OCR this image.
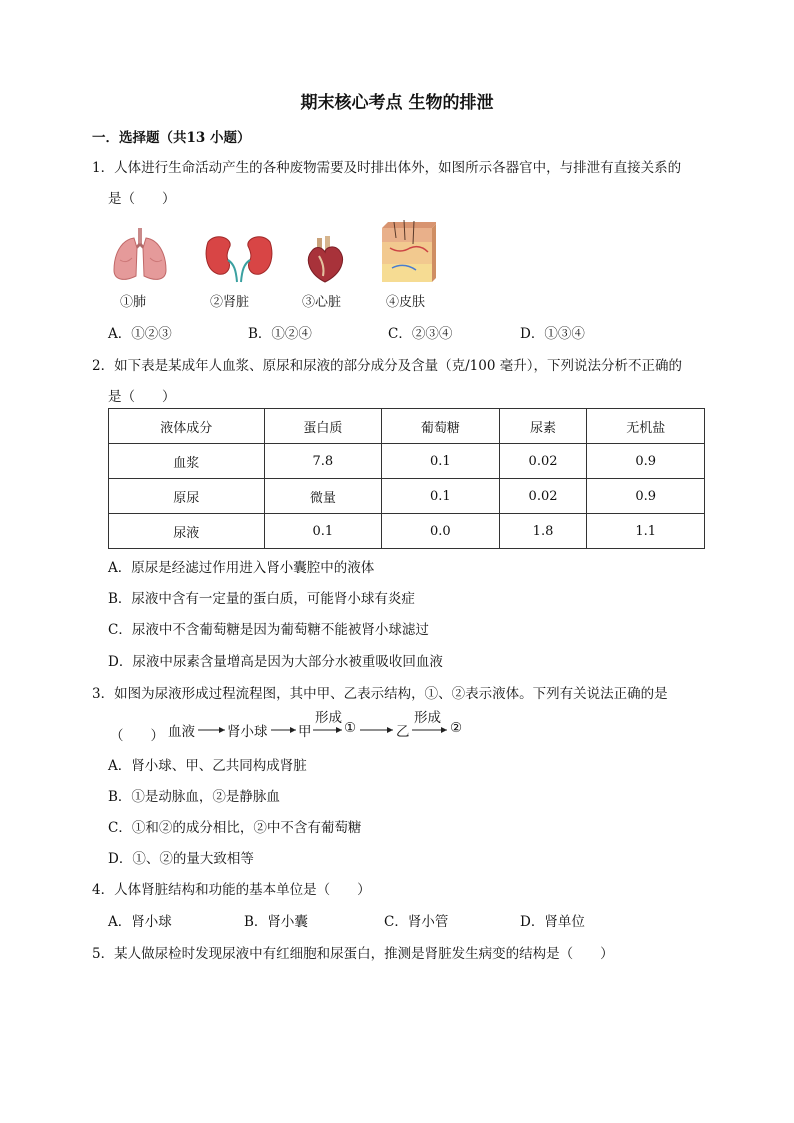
期末核心考点 生物的排泄
一．选择题（共13 小题）
1．人体进行生命活动产生的各种废物需要及时排出体外，如图所示各器官中，与排泄有直接关系的
是（　　）
①肺	②肾脏	③心脏	④皮肤
A．①②③	B．①②④	C．②③④	D．①③④
2．如下表是某成年人血浆、原尿和尿液的部分成分及含量（克/100 毫升），下列说法分析不正确的
是（　　）
液体成分	蛋白质	葡萄糖	尿素	无机盐
血浆	7.8	0.1	0.02	0.9
原尿	微量	0.1	0.02	0.9
尿液	0.1	0.0	1.8	1.1
A．原尿是经滤过作用进入肾小囊腔中的液体
B．尿液中含有一定量的蛋白质，可能肾小球有炎症
C．尿液中不含葡萄糖是因为葡萄糖不能被肾小球滤过
D．尿液中尿素含量增高是因为大部分水被重吸收回血液
3．如图为尿液形成过程流程图，其中甲、乙表示结构，①、②表示液体。下列有关说法正确的是
（　　） 血液 肾小球 甲 ①	乙	②
形成	形成
A．肾小球、甲、乙共同构成肾脏
B．①是动脉血，②是静脉血
C．①和②的成分相比，②中不含有葡萄糖
D．①、②的量大致相等
4．人体肾脏结构和功能的基本单位是（　　）
A．肾小球	B．肾小囊	C．肾小管	D．肾单位
5．某人做尿检时发现尿液中有红细胞和尿蛋白，推测是肾脏发生病变的结构是（　　）
